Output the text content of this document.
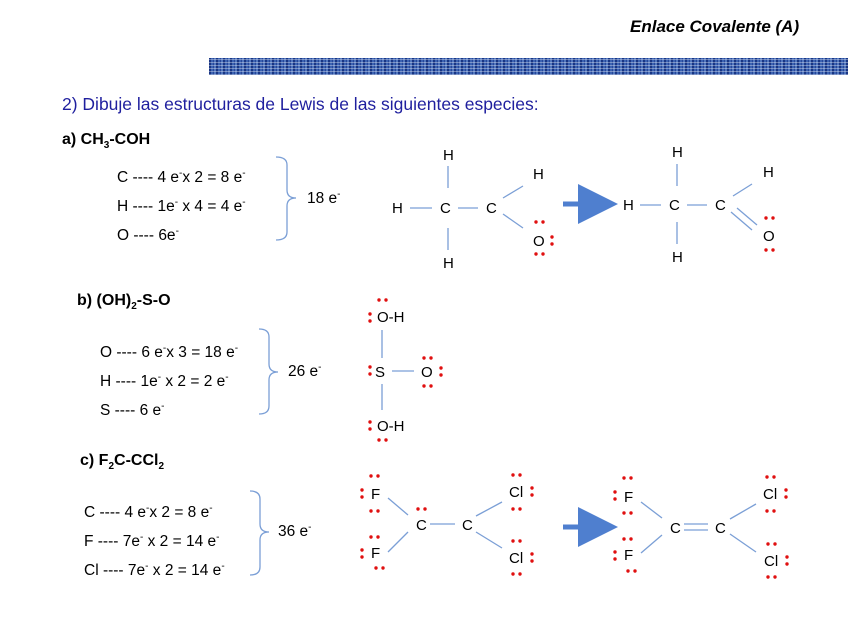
Enlace Covalente (A)
2) Dibuje las estructuras de Lewis de las siguientes especies:
a) $CH_3$-COH
C ---- 4 e-x 2 = 8 e-
H ---- 1e- x 4 = 4 e-
O ---- 6e-
18 e-
b) $(OH)_2-S-O$
O ---- 6 e-x 3 = 18 e-
H ---- 1e- x 2 = 2 e-
S ---- 6 e-
26 e-
c) $F_2C-CCl_2$
C ---- 4 e-x 2 = 8 e-
F ---- 7e- x 2 = 14 e-
Cl ---- 7e- x 2 = 14 e-
36 e-
H
H C C
H
H
O
H
H C C
H
H
O
O-H
S O
O-H
F
F
C C
Cl
Cl
F
F
C C
Cl
Cl
